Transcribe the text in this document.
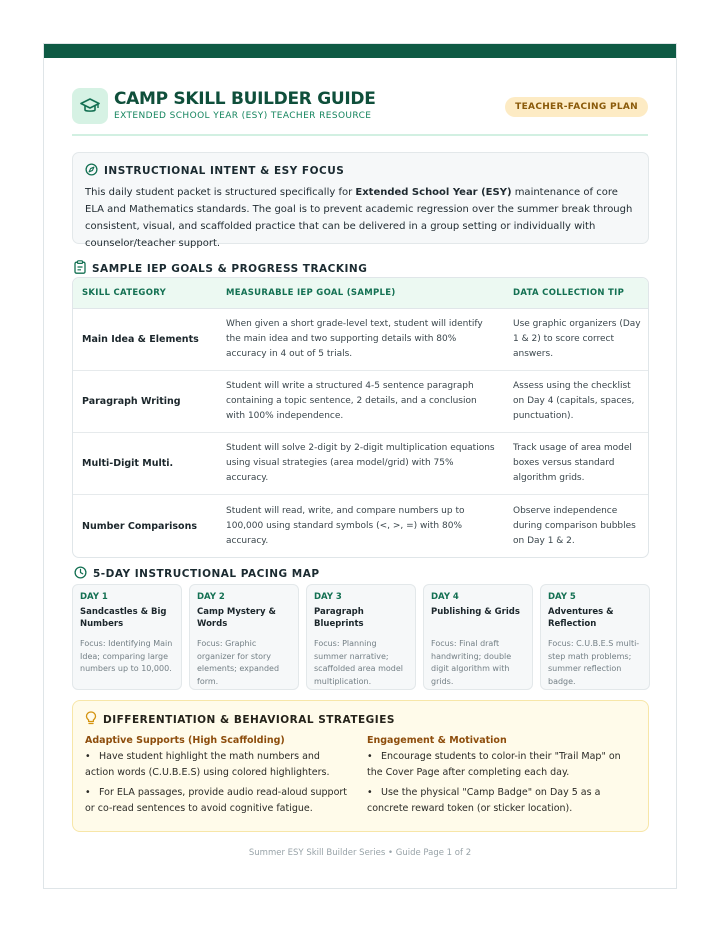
CAMP SKILL BUILDER GUIDE
EXTENDED SCHOOL YEAR (ESY) TEACHER RESOURCE
TEACHER-FACING PLAN
INSTRUCTIONAL INTENT & ESY FOCUS

This daily student packet is structured specifically for Extended School Year (ESY) maintenance of core ELA and Mathematics standards. The goal is to prevent academic regression over the summer break through consistent, visual, and scaffolded practice that can be delivered in a group setting or individually with counselor/teacher support.

SAMPLE IEP GOALS & PROGRESS TRACKING
SKILL CATEGORY	MEASURABLE IEP GOAL (SAMPLE)	DATA COLLECTION TIP
Main Idea & Elements
When given a short grade-level text, student will identify the main idea and two supporting details with 80% accuracy in 4 out of 5 trials.
Use graphic organizers (Day 1 & 2) to score correct answers.
Paragraph Writing
Student will write a structured 4-5 sentence paragraph containing a topic sentence, 2 details, and a conclusion with 100% independence.
Assess using the checklist on Day 4 (capitals, spaces, punctuation).
Multi-Digit Multi.
Student will solve 2-digit by 2-digit multiplication equations using visual strategies (area model/grid) with 75% accuracy.
Track usage of area model boxes versus standard algorithm grids.
Number Comparisons
Student will read, write, and compare numbers up to 100,000 using standard symbols (<, >, =) with 80% accuracy.
Observe independence during comparison bubbles on Day 1 & 2.
5-DAY INSTRUCTIONAL PACING MAP
DAY 1
Sandcastles & Big Numbers
Focus: Identifying Main Idea; comparing large numbers up to 10,000.
DAY 2
Camp Mystery & Words
Focus: Graphic organizer for story elements; expanded form.
DAY 3
Paragraph Blueprints
Focus: Planning summer narrative; scaffolded area model multiplication.
DAY 4
Publishing & Grids
Focus: Final draft handwriting; double digit algorithm with grids.
DAY 5
Adventures & Reflection
Focus: C.U.B.E.S multi-step math problems; summer reflection badge.
DIFFERENTIATION & BEHAVIORAL STRATEGIES
Adaptive Supports (High Scaffolding)
• Have student highlight the math numbers and action words (C.U.B.E.S) using colored highlighters.
• For ELA passages, provide audio read-aloud support or co-read sentences to avoid cognitive fatigue.
Engagement & Motivation
• Encourage students to color-in their "Trail Map" on the Cover Page after completing each day.
• Use the physical "Camp Badge" on Day 5 as a concrete reward token (or sticker location).
Summer ESY Skill Builder Series • Guide Page 1 of 2
